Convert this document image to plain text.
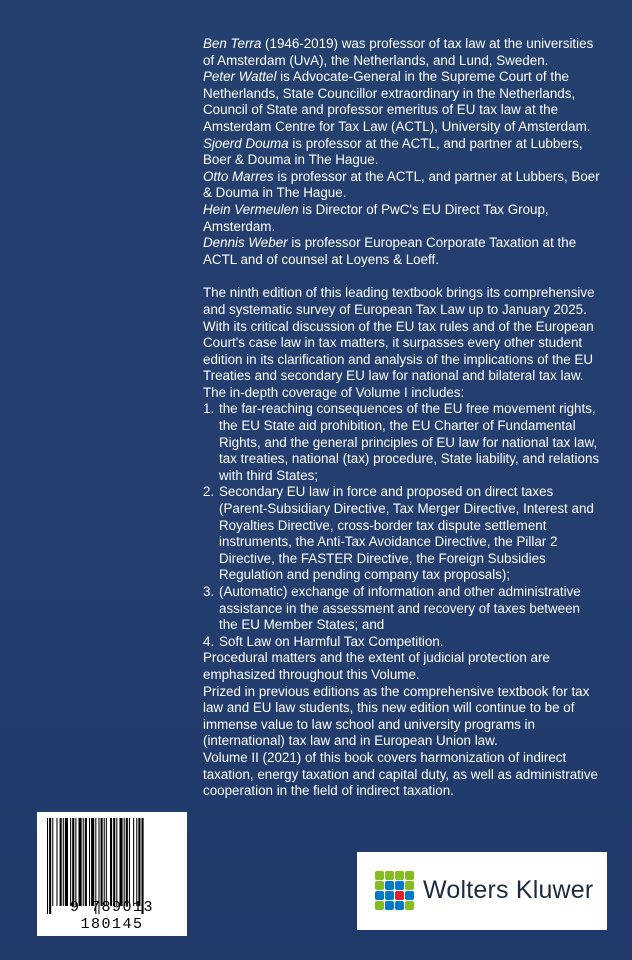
Ben Terra (1946-2019) was professor of tax law at the universities of Amsterdam (UvA), the Netherlands, and Lund, Sweden.

Peter Wattel is Advocate-General in the Supreme Court of the Netherlands, State Councillor extraordinary in the Netherlands, Council of State and professor emeritus of EU tax law at the Amsterdam Centre for Tax Law (ACTL), University of Amsterdam.

Sjoerd Douma is professor at the ACTL, and partner at Lubbers, Boer & Douma in The Hague.

Otto Marres is professor at the ACTL, and partner at Lubbers, Boer & Douma in The Hague.

Hein Vermeulen is Director of PwC's EU Direct Tax Group, Amsterdam.

Dennis Weber is professor European Corporate Taxation at the ACTL and of counsel at Loyens & Loeff.

The ninth edition of this leading textbook brings its comprehensive and systematic survey of European Tax Law up to January 2025. With its critical discussion of the EU tax rules and of the European Court's case law in tax matters, it surpasses every other student edition in its clarification and analysis of the implications of the EU Treaties and secondary EU law for national and bilateral tax law.

The in-depth coverage of Volume I includes:

1. the far-reaching consequences of the EU free movement rights, the EU State aid prohibition, the EU Charter of Fundamental Rights, and the general principles of EU law for national tax law, tax treaties, national (tax) procedure, State liability, and relations with third States;
2. Secondary EU law in force and proposed on direct taxes (Parent-Subsidiary Directive, Tax Merger Directive, Interest and Royalties Directive, cross-border tax dispute settlement instruments, the Anti-Tax Avoidance Directive, the Pillar 2 Directive, the FASTER Directive, the Foreign Subsidies Regulation and pending company tax proposals);
3. (Automatic) exchange of information and other administrative assistance in the assessment and recovery of taxes between the EU Member States; and
4. Soft Law on Harmful Tax Competition.

Procedural matters and the extent of judicial protection are emphasized throughout this Volume.

Prized in previous editions as the comprehensive textbook for tax law and EU law students, this new edition will continue to be of immense value to law school and university programs in (international) tax law and in European Union law.

Volume II (2021) of this book covers harmonization of indirect taxation, energy taxation and capital duty, as well as administrative cooperation in the field of indirect taxation.

9 789013 180145
Wolters Kluwer
